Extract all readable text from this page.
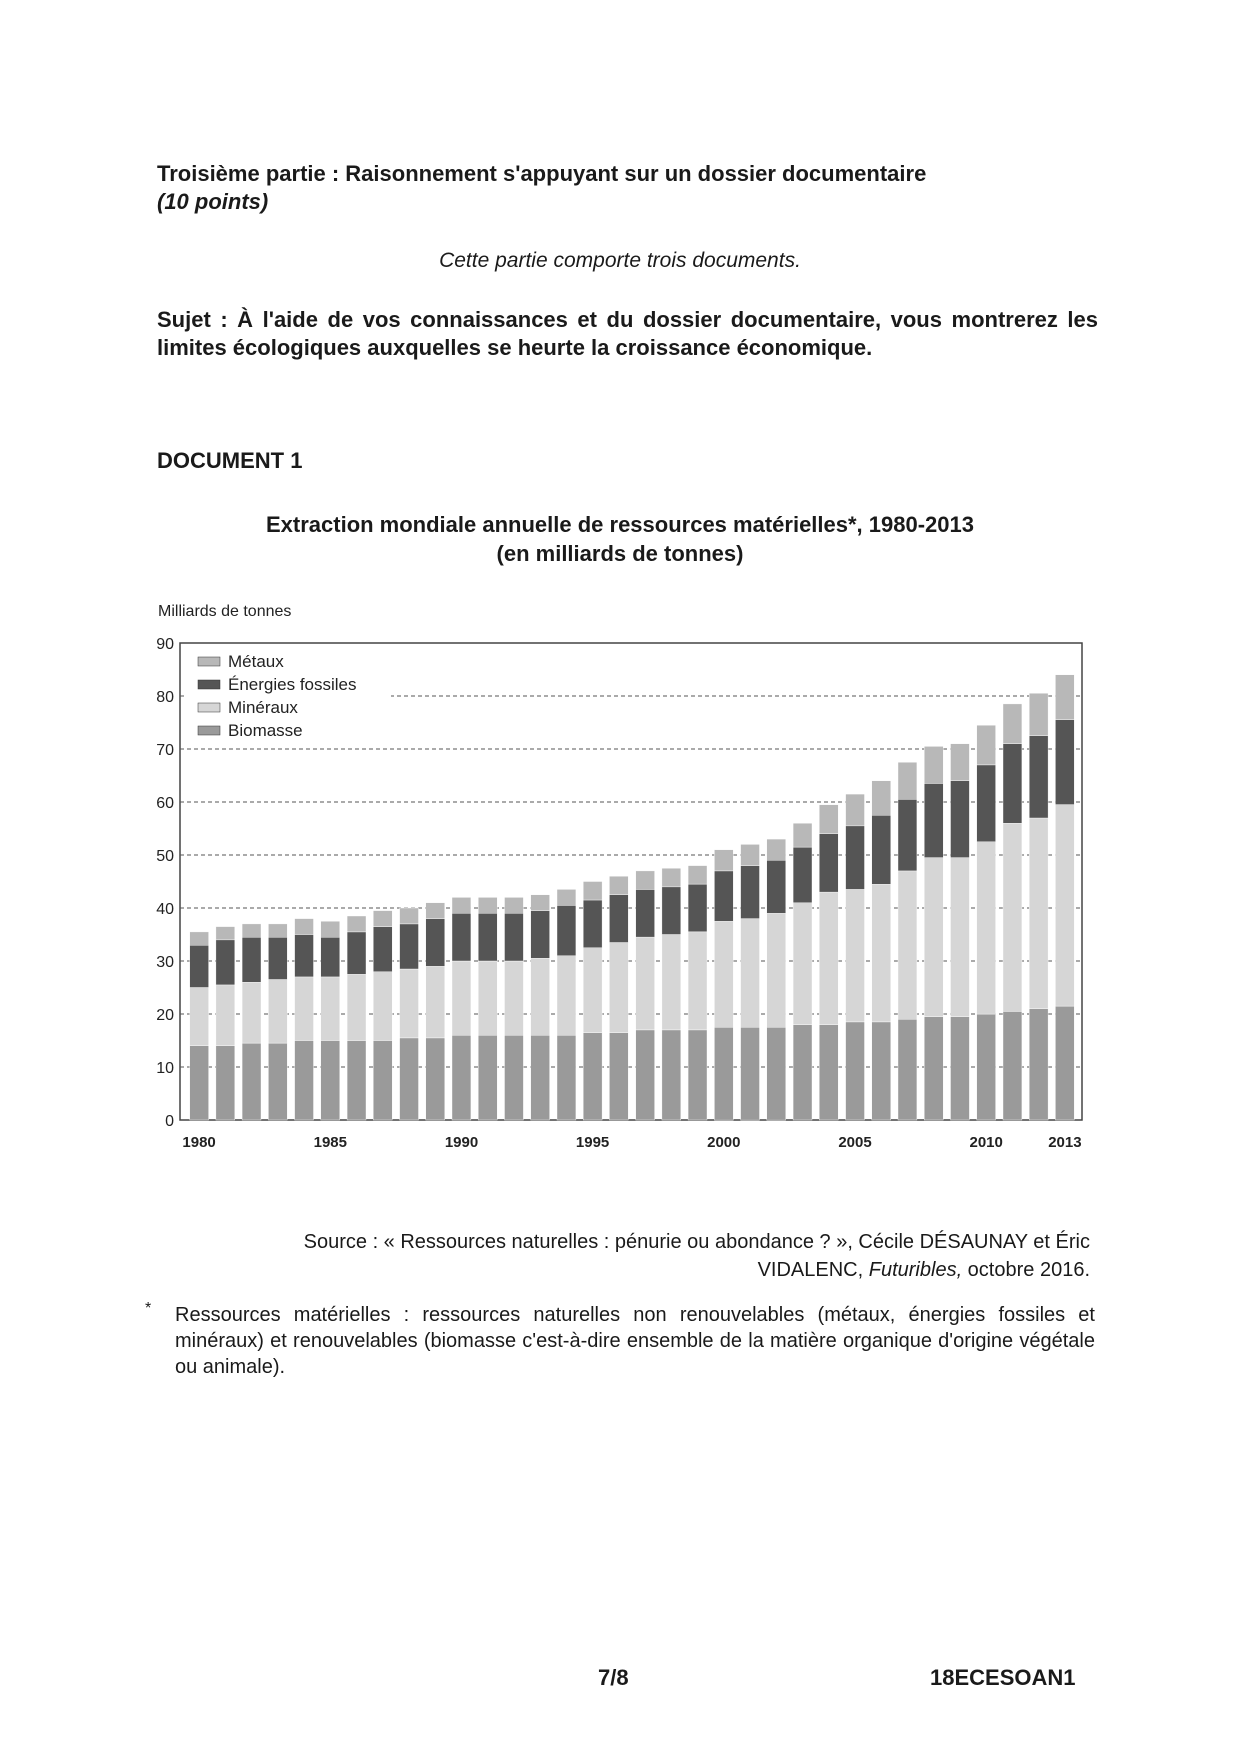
Troisième partie : Raisonnement s'appuyant sur un dossier documentaire
(10 points)
Cette partie comporte trois documents.
Sujet : À l'aide de vos connaissances et du dossier documentaire, vous montrerez les limites écologiques auxquelles se heurte la croissance économique.
DOCUMENT 1
Extraction mondiale annuelle de ressources matérielles*, 1980-2013
(en milliards de tonnes)
Milliards de tonnes
0
10
20
30
40
50
60
70
80
90
1980	1985	1990	1995	2000	2005	2010	2013
Métaux
Énergies fossiles
Minéraux
Biomasse
Source : « Ressources naturelles : pénurie ou abondance ? », Cécile DÉSAUNAY et Éric
VIDALENC, Futuribles, octobre 2016.
* Ressources matérielles : ressources naturelles non renouvelables (métaux, énergies fossiles et minéraux) et renouvelables (biomasse c'est-à-dire ensemble de la matière organique d'origine végétale ou animale).
7/8	18ECESOAN1
